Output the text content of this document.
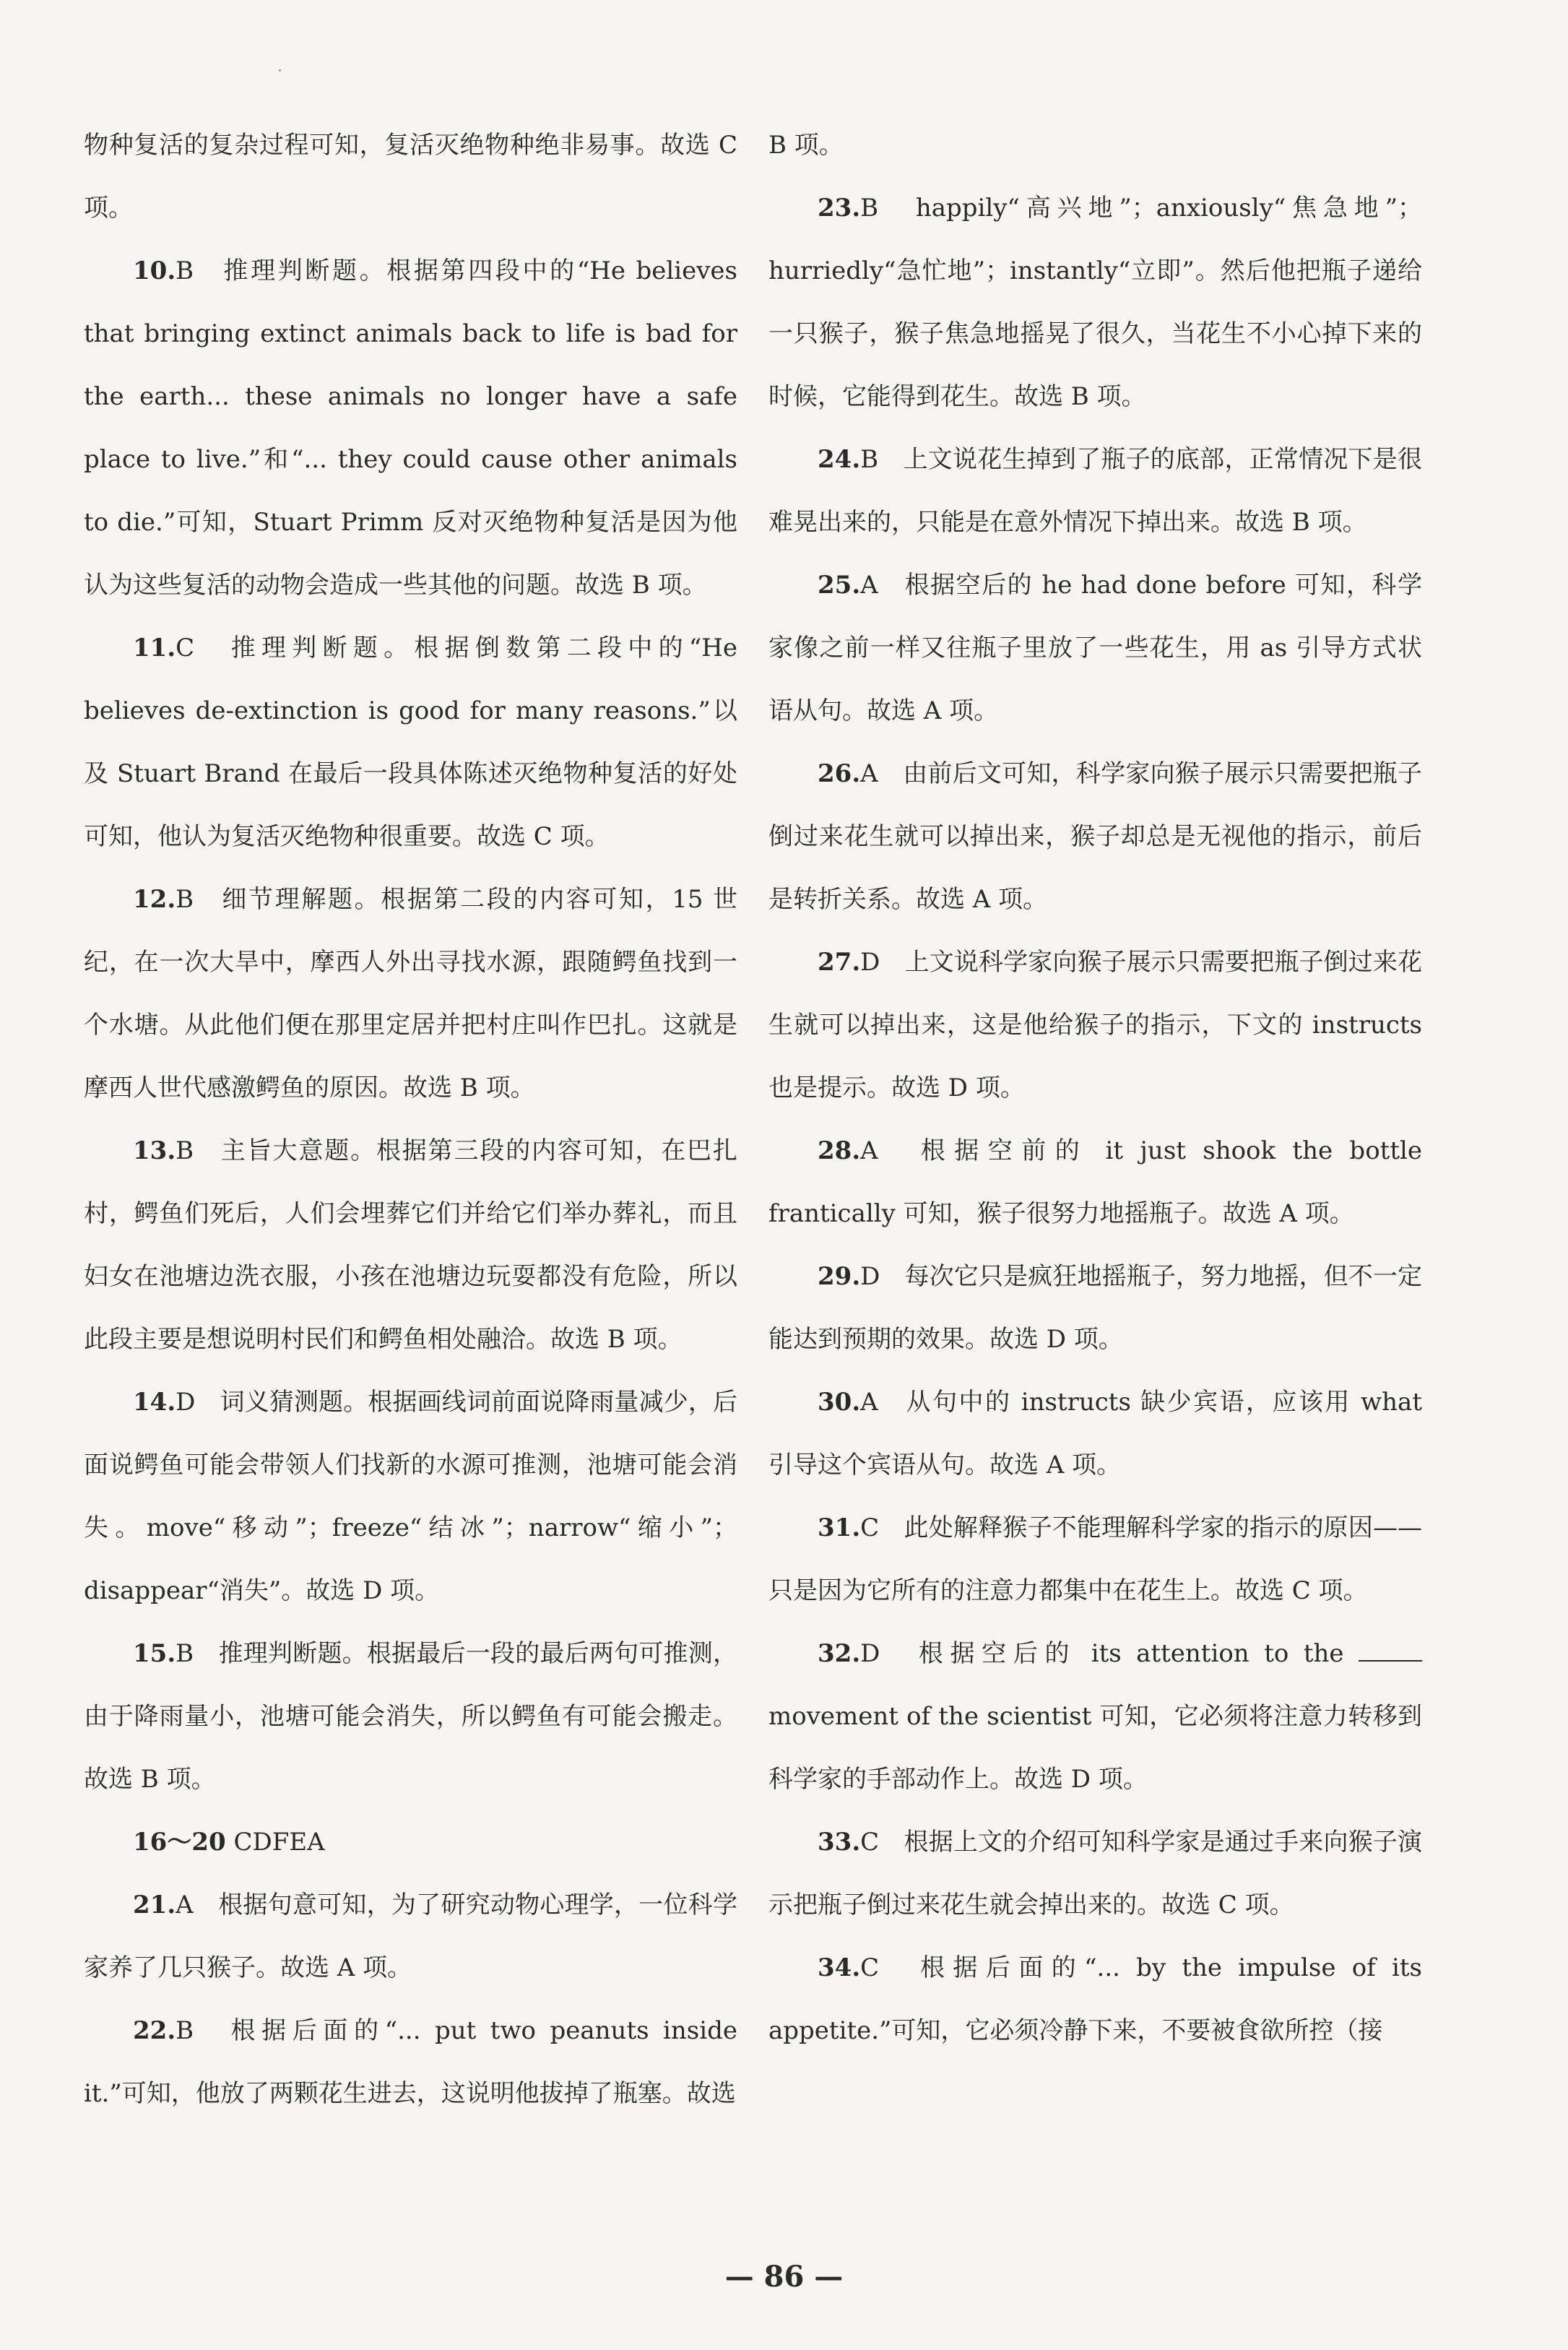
物种复活的复杂过程可知，复活灭绝物种绝非易事。故选 C 项。

10.B　推理判断题。根据第四段中的“He believes that bringing extinct animals back to life is bad for the earth... these animals no longer have a safe place to live.”和“... they could cause other animals to die.”可知，Stuart Primm 反对灭绝物种复活是因为他认为这些复活的动物会造成一些其他的问题。故选 B 项。

11.C　推理判断题。根据倒数第二段中的“He believes de-extinction is good for many reasons.”以及 Stuart Brand 在最后一段具体陈述灭绝物种复活的好处可知，他认为复活灭绝物种很重要。故选 C 项。

12.B　细节理解题。根据第二段的内容可知，15 世纪，在一次大旱中，摩西人外出寻找水源，跟随鳄鱼找到一个水塘。从此他们便在那里定居并把村庄叫作巴扎。这就是摩西人世代感激鳄鱼的原因。故选 B 项。

13.B　主旨大意题。根据第三段的内容可知，在巴扎村，鳄鱼们死后，人们会埋葬它们并给它们举办葬礼，而且妇女在池塘边洗衣服，小孩在池塘边玩耍都没有危险，所以此段主要是想说明村民们和鳄鱼相处融洽。故选 B 项。

14.D　词义猜测题。根据画线词前面说降雨量减少，后面说鳄鱼可能会带领人们找新的水源可推测，池塘可能会消失。move“移动”；freeze“结冰”；narrow“缩小”；disappear“消失”。故选 D 项。

15.B　推理判断题。根据最后一段的最后两句可推测，由于降雨量小，池塘可能会消失，所以鳄鱼有可能会搬走。故选 B 项。

16～20 CDFEA

21.A　根据句意可知，为了研究动物心理学，一位科学家养了几只猴子。故选 A 项。

22.B　根据后面的“... put two peanuts inside it.”可知，他放了两颗花生进去，这说明他拔掉了瓶塞。故选

B 项。

23.B　happily“高兴地”；anxiously“焦急地”；hurriedly“急忙地”；instantly“立即”。然后他把瓶子递给一只猴子，猴子焦急地摇晃了很久，当花生不小心掉下来的时候，它能得到花生。故选 B 项。

24.B　上文说花生掉到了瓶子的底部，正常情况下是很难晃出来的，只能是在意外情况下掉出来。故选 B 项。

25.A　根据空后的 he had done before 可知，科学家像之前一样又往瓶子里放了一些花生，用 as 引导方式状语从句。故选 A 项。

26.A　由前后文可知，科学家向猴子展示只需要把瓶子倒过来花生就可以掉出来，猴子却总是无视他的指示，前后是转折关系。故选 A 项。

27.D　上文说科学家向猴子展示只需要把瓶子倒过来花生就可以掉出来，这是他给猴子的指示，下文的 instructs 也是提示。故选 D 项。

28.A　根据空前的 it just shook the bottle frantically 可知，猴子很努力地摇瓶子。故选 A 项。

29.D　每次它只是疯狂地摇瓶子，努力地摇，但不一定能达到预期的效果。故选 D 项。

30.A　从句中的 instructs 缺少宾语，应该用 what 引导这个宾语从句。故选 A 项。

31.C　此处解释猴子不能理解科学家的指示的原因——只是因为它所有的注意力都集中在花生上。故选 C 项。

32.D　根据空后的 its attention to the  movement of the scientist 可知，它必须将注意力转移到科学家的手部动作上。故选 D 项。

33.C　根据上文的介绍可知科学家是通过手来向猴子演示把瓶子倒过来花生就会掉出来的。故选 C 项。

34.C　根据后面的“... by the impulse of its appetite.”可知，它必须冷静下来，不要被食欲所控（接

— 86 —
